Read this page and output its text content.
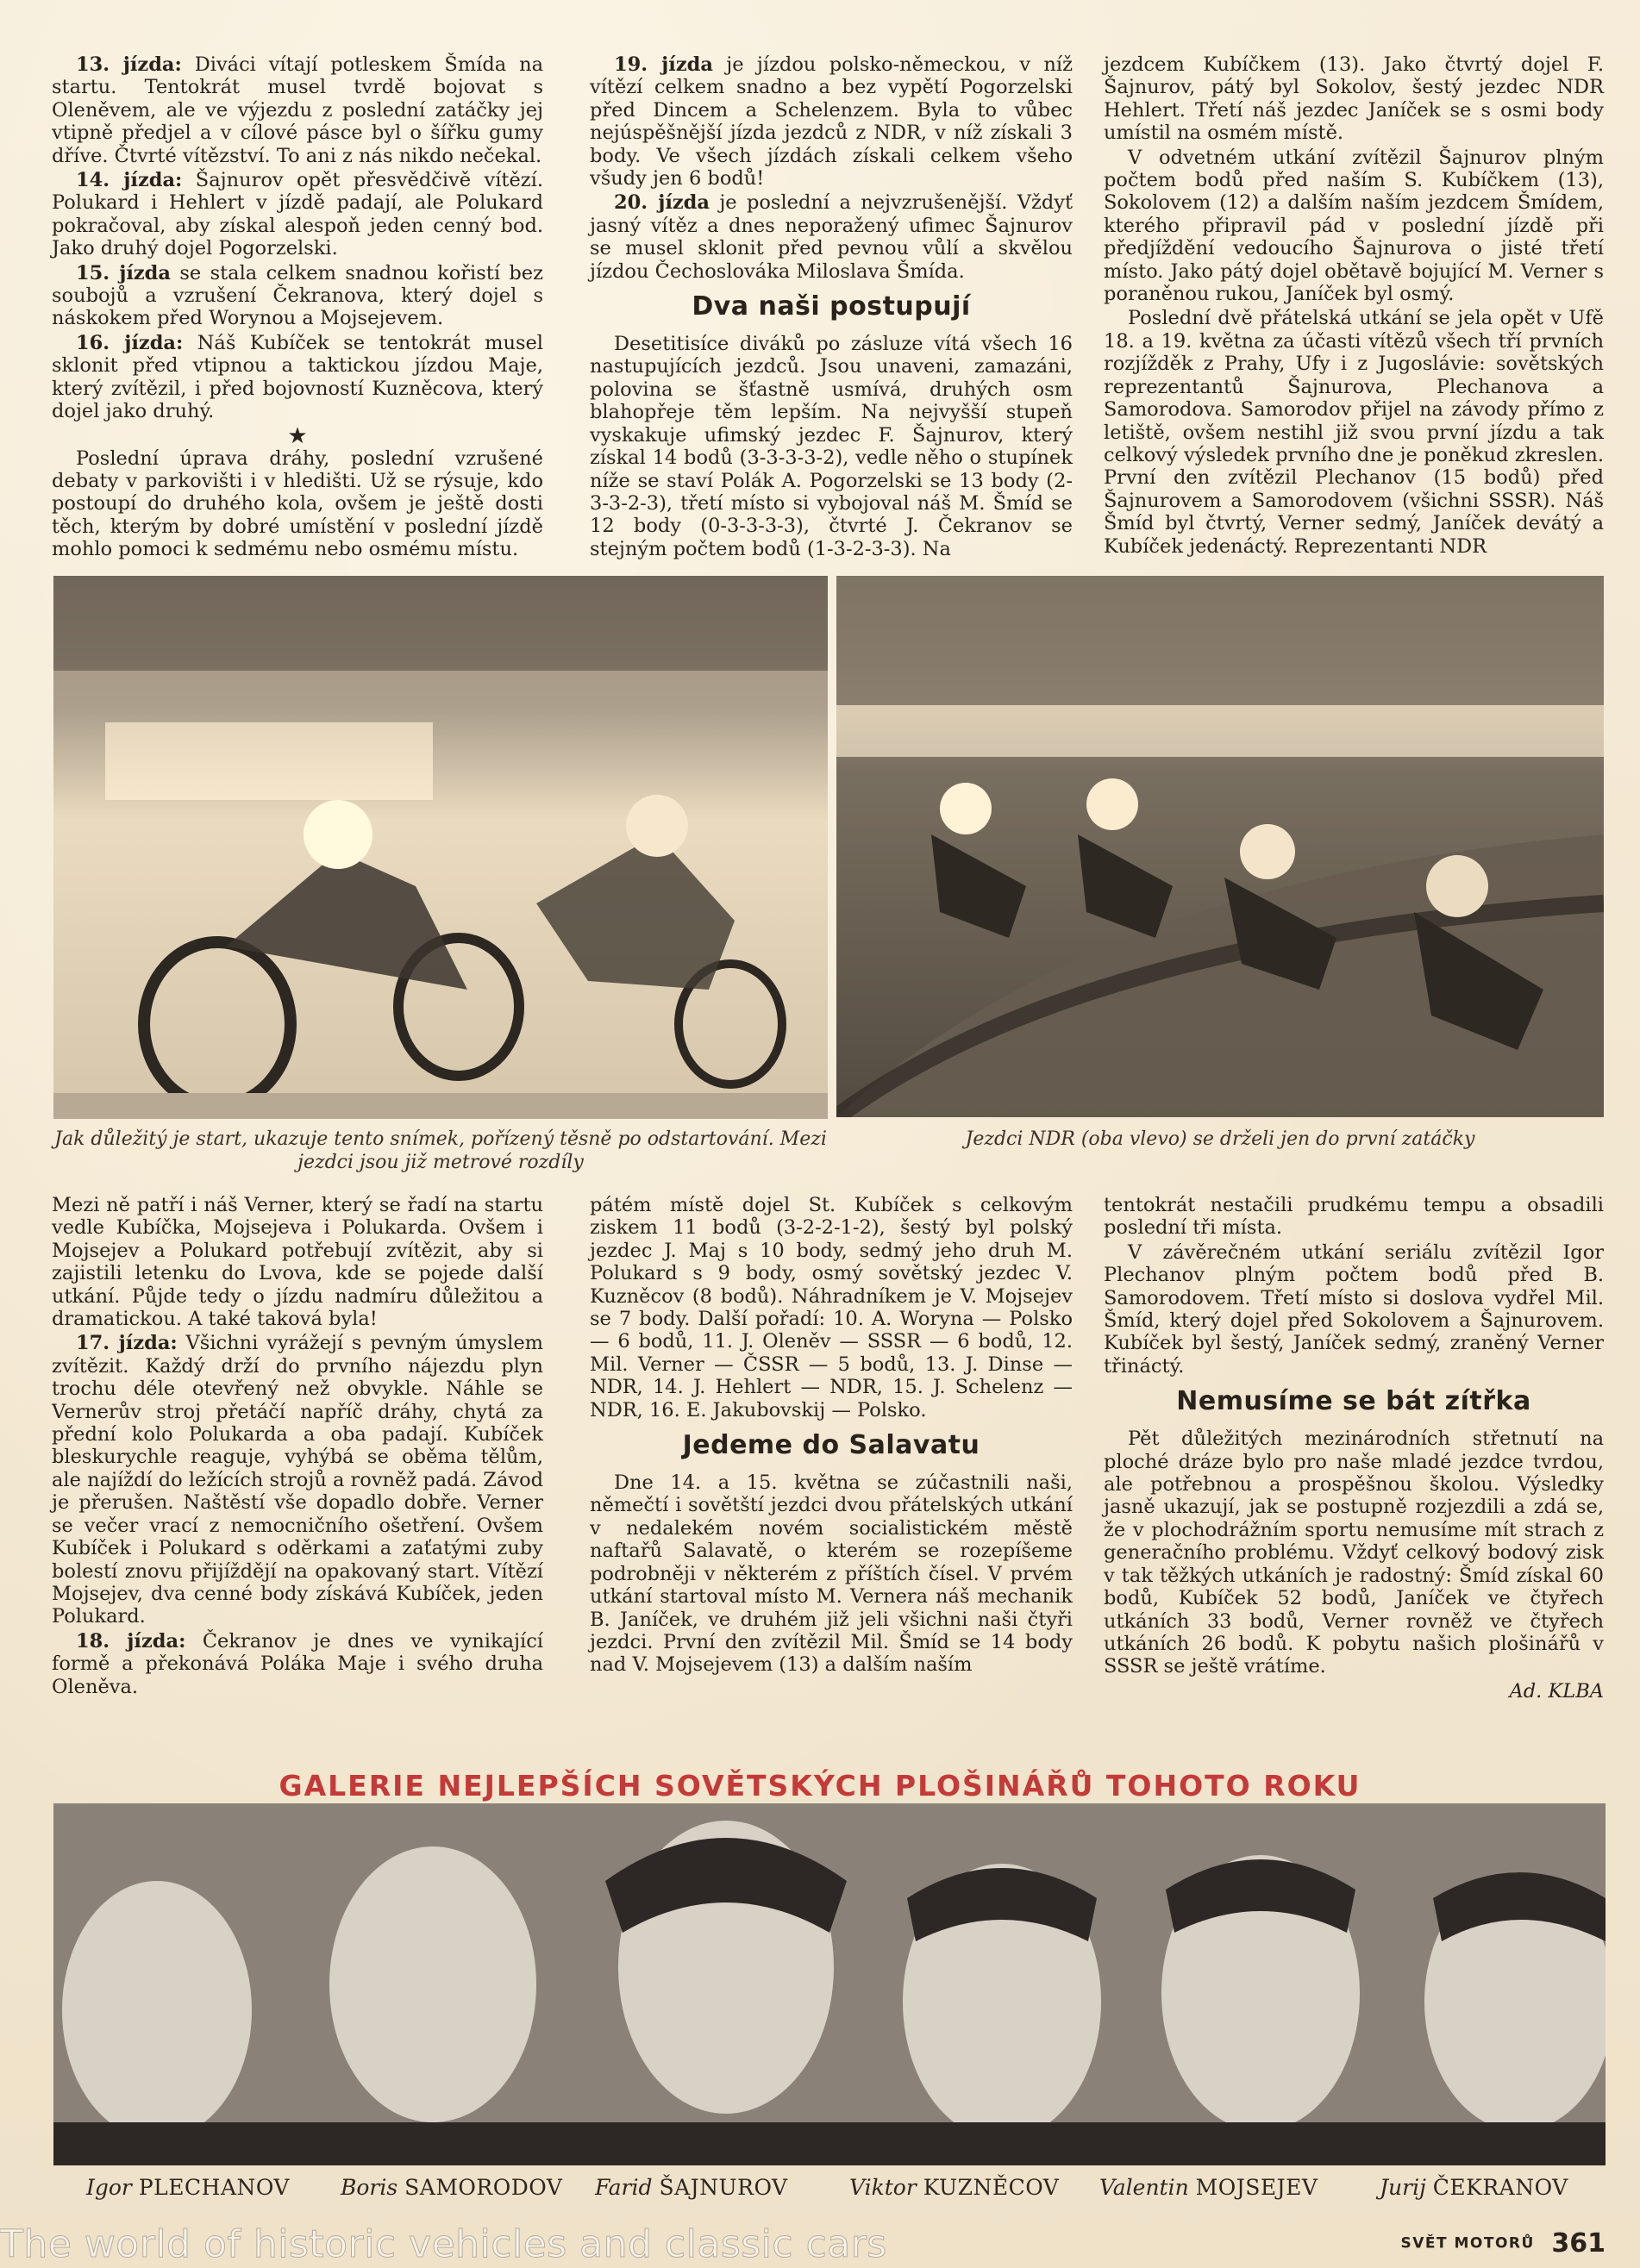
13. jízda: Diváci vítají potleskem Šmída na startu. Tentokrát musel tvrdě bojovat s Oleněvem, ale ve výjezdu z poslední zatáčky jej vtipně předjel a v cílové pásce byl o šířku gumy dříve. Čtvrté vítězství. To ani z nás nikdo nečekal.

14. jízda: Šajnurov opět přesvědčivě vítězí. Polukard i Hehlert v jízdě padají, ale Polukard pokračoval, aby získal alespoň jeden cenný bod. Jako druhý dojel Pogorzelski.

15. jízda se stala celkem snadnou kořistí bez soubojů a vzrušení Čekranova, který dojel s náskokem před Worynou a Mojsejevem.

16. jízda: Náš Kubíček se tentokrát musel sklonit před vtipnou a taktickou jízdou Maje, který zvítězil, i před bojovností Kuzněcova, který dojel jako druhý.

★

Poslední úprava dráhy, poslední vzrušené debaty v parkovišti i v hledišti. Už se rýsuje, kdo postoupí do druhého kola, ovšem je ještě dosti těch, kterým by dobré umístění v poslední jízdě mohlo pomoci k sedmému nebo osmému místu.

19. jízda je jízdou polsko-německou, v níž vítězí celkem snadno a bez vypětí Pogorzelski před Dincem a Schelenzem. Byla to vůbec nejúspěšnější jízda jezdců z NDR, v níž získali 3 body. Ve všech jízdách získali celkem všeho všudy jen 6 bodů!

20. jízda je poslední a nejvzrušenější. Vždyť jasný vítěz a dnes neporažený ufimec Šajnurov se musel sklonit před pevnou vůlí a skvělou jízdou Čechoslováka Miloslava Šmída.

Dva naši postupují

Desetitisíce diváků po zásluze vítá všech 16 nastupujících jezdců. Jsou unaveni, zamazáni, polovina se šťastně usmívá, druhých osm blahopřeje těm lepším. Na nejvyšší stupeň vyskakuje ufimský jezdec F. Šajnurov, který získal 14 bodů (3-3-3-3-2), vedle něho o stupínek níže se staví Polák A. Pogorzelski se 13 body (2-3-3-2-3), třetí místo si vybojoval náš M. Šmíd se 12 body (0-3-3-3-3), čtvrté J. Čekranov se stejným počtem bodů (1-3-2-3-3). Na

jezdcem Kubíčkem (13). Jako čtvrtý dojel F. Šajnurov, pátý byl Sokolov, šestý jezdec NDR Hehlert. Třetí náš jezdec Janíček se s osmi body umístil na osmém místě.

V odvetném utkání zvítězil Šajnurov plným počtem bodů před naším S. Kubíčkem (13), Sokolovem (12) a dalším naším jezdcem Šmídem, kterého připravil pád v poslední jízdě při předjíždění vedoucího Šajnurova o jisté třetí místo. Jako pátý dojel obětavě bojující M. Verner s poraněnou rukou, Janíček byl osmý.

Poslední dvě přátelská utkání se jela opět v Ufě 18. a 19. května za účasti vítězů všech tří prvních rozjížděk z Prahy, Ufy i z Jugoslávie: sovětských reprezentantů Šajnurova, Plechanova a Samorodova. Samorodov přijel na závody přímo z letiště, ovšem nestihl již svou první jízdu a tak celkový výsledek prvního dne je poněkud zkreslen. První den zvítězil Plechanov (15 bodů) před Šajnurovem a Samorodovem (všichni SSSR). Náš Šmíd byl čtvrtý, Verner sedmý, Janíček devátý a Kubíček jedenáctý. Reprezentanti NDR

Jak důležitý je start, ukazuje tento snímek, pořízený těsně po odstartování. Mezi jezdci jsou již metrové rozdíly
Jezdci NDR (oba vlevo) se drželi jen do první zatáčky

Mezi ně patří i náš Verner, který se řadí na startu vedle Kubíčka, Mojsejeva i Polukarda. Ovšem i Mojsejev a Polukard potřebují zvítězit, aby si zajistili letenku do Lvova, kde se pojede další utkání. Půjde tedy o jízdu nadmíru důležitou a dramatickou. A také taková byla!

17. jízda: Všichni vyrážejí s pevným úmyslem zvítězit. Každý drží do prvního nájezdu plyn trochu déle otevřený než obvykle. Náhle se Vernerův stroj přetáčí napříč dráhy, chytá za přední kolo Polukarda a oba padají. Kubíček bleskurychle reaguje, vyhýbá se oběma tělům, ale najíždí do ležících strojů a rovněž padá. Závod je přerušen. Naštěstí vše dopadlo dobře. Verner se večer vrací z nemocničního ošetření. Ovšem Kubíček i Polukard s oděrkami a zaťatými zuby bolestí znovu přijíždějí na opakovaný start. Vítězí Mojsejev, dva cenné body získává Kubíček, jeden Polukard.

18. jízda: Čekranov je dnes ve vynikající formě a překonává Poláka Maje i svého druha Oleněva.

pátém místě dojel St. Kubíček s celkovým ziskem 11 bodů (3-2-2-1-2), šestý byl polský jezdec J. Maj s 10 body, sedmý jeho druh M. Polukard s 9 body, osmý sovětský jezdec V. Kuzněcov (8 bodů). Náhradníkem je V. Mojsejev se 7 body. Další pořadí: 10. A. Woryna — Polsko — 6 bodů, 11. J. Oleněv — SSSR — 6 bodů, 12. Mil. Verner — ČSSR — 5 bodů, 13. J. Dinse — NDR, 14. J. Hehlert — NDR, 15. J. Schelenz — NDR, 16. E. Jakubovskij — Polsko.

Jedeme do Salavatu

Dne 14. a 15. května se zúčastnili naši, němečtí i sovětští jezdci dvou přátelských utkání v nedalekém novém socialistickém městě naftařů Salavatě, o kterém se rozepíšeme podrobněji v některém z příštích čísel. V prvém utkání startoval místo M. Vernera náš mechanik B. Janíček, ve druhém již jeli všichni naši čtyři jezdci. První den zvítězil Mil. Šmíd se 14 body nad V. Mojsejevem (13) a dalším naším

tentokrát nestačili prudkému tempu a obsadili poslední tři místa.

V závěrečném utkání seriálu zvítězil Igor Plechanov plným počtem bodů před B. Samorodovem. Třetí místo si doslova vydřel Mil. Šmíd, který dojel před Sokolovem a Šajnurovem. Kubíček byl šestý, Janíček sedmý, zraněný Verner třináctý.

Nemusíme se bát zítřka

Pět důležitých mezinárodních střetnutí na ploché dráze bylo pro naše mladé jezdce tvrdou, ale potřebnou a prospěšnou školou. Výsledky jasně ukazují, jak se postupně rozjezdili a zdá se, že v plochodrážním sportu nemusíme mít strach z generačního problému. Vždyť celkový bodový zisk v tak těžkých utkáních je radostný: Šmíd získal 60 bodů, Kubíček 52 bodů, Janíček ve čtyřech utkáních 33 bodů, Verner rovněž ve čtyřech utkáních 26 bodů. K pobytu našich plošinářů v SSSR se ještě vrátíme.

Ad. KLBA

GALERIE NEJLEPŠÍCH SOVĚTSKÝCH PLOŠINÁŘŮ TOHOTO ROKU
Igor PLECHANOV Boris SAMORODOV Farid ŠAJNUROV	Viktor KUZNĚCOV Valentin MOJSEJEV	Jurij ČEKRANOV
The world of historic vehicles and classic cars	SVĚT MOTORŮ 361
